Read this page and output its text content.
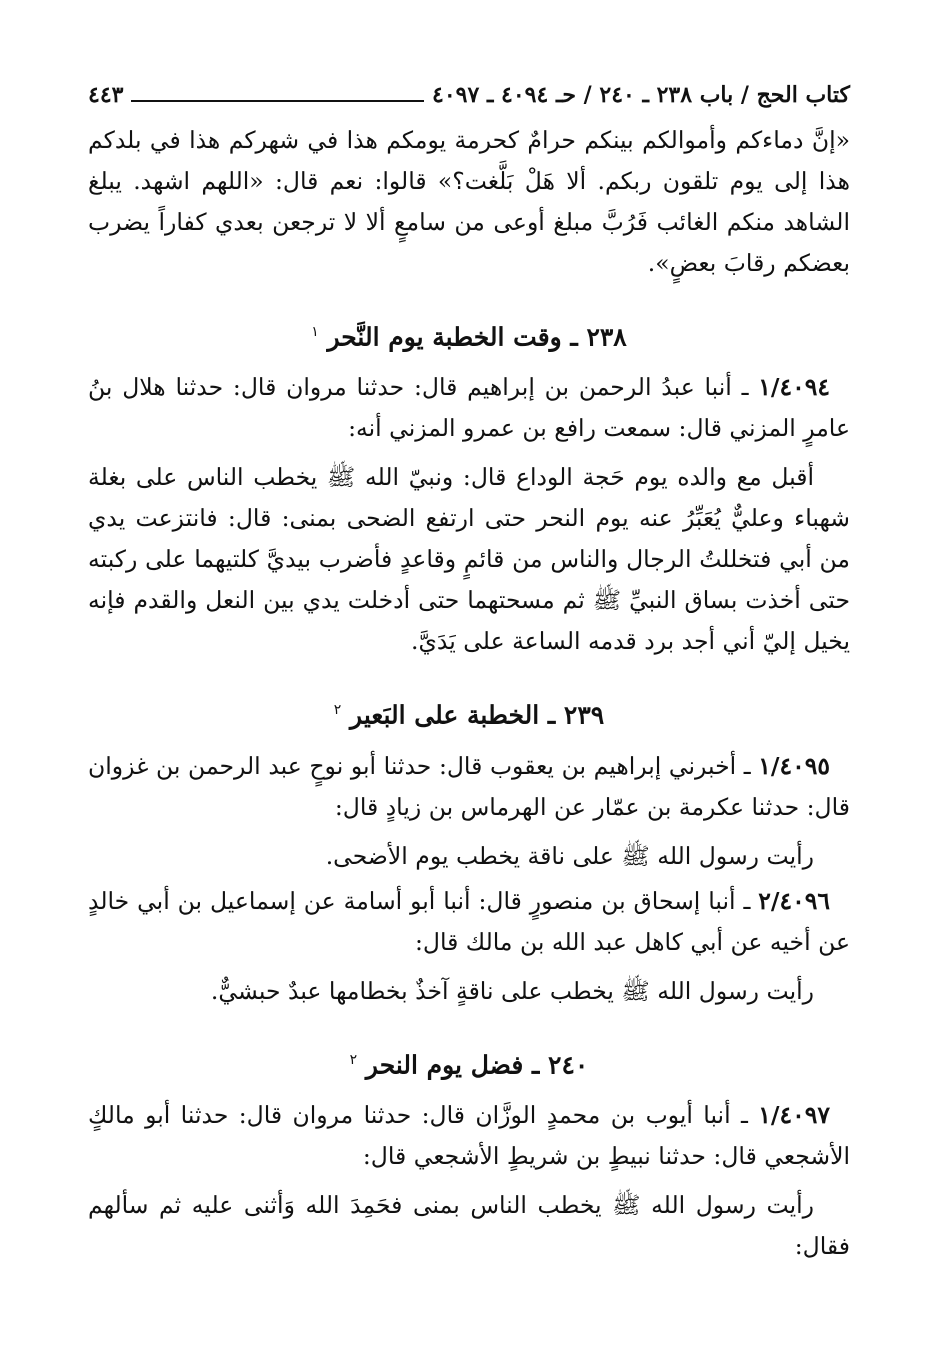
كتاب الحج / باب ٢٣٨ ـ ٢٤٠ / حـ ٤٠٩٤ ـ ٤٠٩٧
٤٤٣

«إنَّ دماءكم وأموالكم بينكم حرامٌ كحرمة يومكم هذا في شهركم هذا في بلدكم هذا إلى يوم تلقون ربكم. ألا هَلْ بَلَّغت؟» قالوا: نعم قال: «اللهم اشهد. يبلغ الشاهد منكم الغائب فَرُبَّ مبلغ أوعى من سامعٍ ألا لا ترجعن بعدي كفاراً يضرب بعضكم رقابَ بعضٍ».

٢٣٨ ـ وقت الخطبة يوم النَّحر $^١$

١/٤٠٩٤ ـ أنبا عبدُ الرحمن بن إبراهيم قال: حدثنا مروان قال: حدثنا هلال بنُ عامرٍ المزني قال: سمعت رافع بن عمرو المزني أنه:

أقبل مع والده يوم حَجة الوداع قال: ونبيّ الله ﷺ يخطب الناس على بغلة شهباء وعليٌّ يُعَبِّرُ عنه يوم النحر حتى ارتفع الضحى بمنى: قال: فانتزعت يدي من أبي فتخللتُ الرجال والناس من قائمٍ وقاعدٍ فأضرب بيديَّ كلتيهما على ركبته حتى أخذت بساق النبيِّ ﷺ ثم مسحتهما حتى أدخلت يدي بين النعل والقدم فإنه يخيل إليّ أني أجد برد قدمه الساعة على يَدَيَّ.

٢٣٩ ـ الخطبة على البَعير $^٢$

١/٤٠٩٥ ـ أخبرني إبراهيم بن يعقوب قال: حدثنا أبو نوحٍ عبد الرحمن بن غزوان قال: حدثنا عكرمة بن عمّار عن الهرماس بن زيادٍ قال:

رأيت رسول الله ﷺ على ناقة يخطب يوم الأضحى.

٢/٤٠٩٦ ـ أنبا إسحاق بن منصورٍ قال: أنبا أبو أسامة عن إسماعيل بن أبي خالدٍ عن أخيه عن أبي كاهل عبد الله بن مالك قال:

رأيت رسول الله ﷺ يخطب على ناقةٍ آخذٌ بخطامها عبدٌ حبشيٌّ.

٢٤٠ ـ فضل يوم النحر $^٢$

١/٤٠٩٧ ـ أنبا أيوب بن محمدٍ الوزَّان قال: حدثنا مروان قال: حدثنا أبو مالكٍ الأشجعي قال: حدثنا نبيطٍ بن شريطٍ الأشجعي قال:

رأيت رسول الله ﷺ يخطب الناس بمنى فحَمِدَ الله وَأثنى عليه ثم سألهم فقال:
